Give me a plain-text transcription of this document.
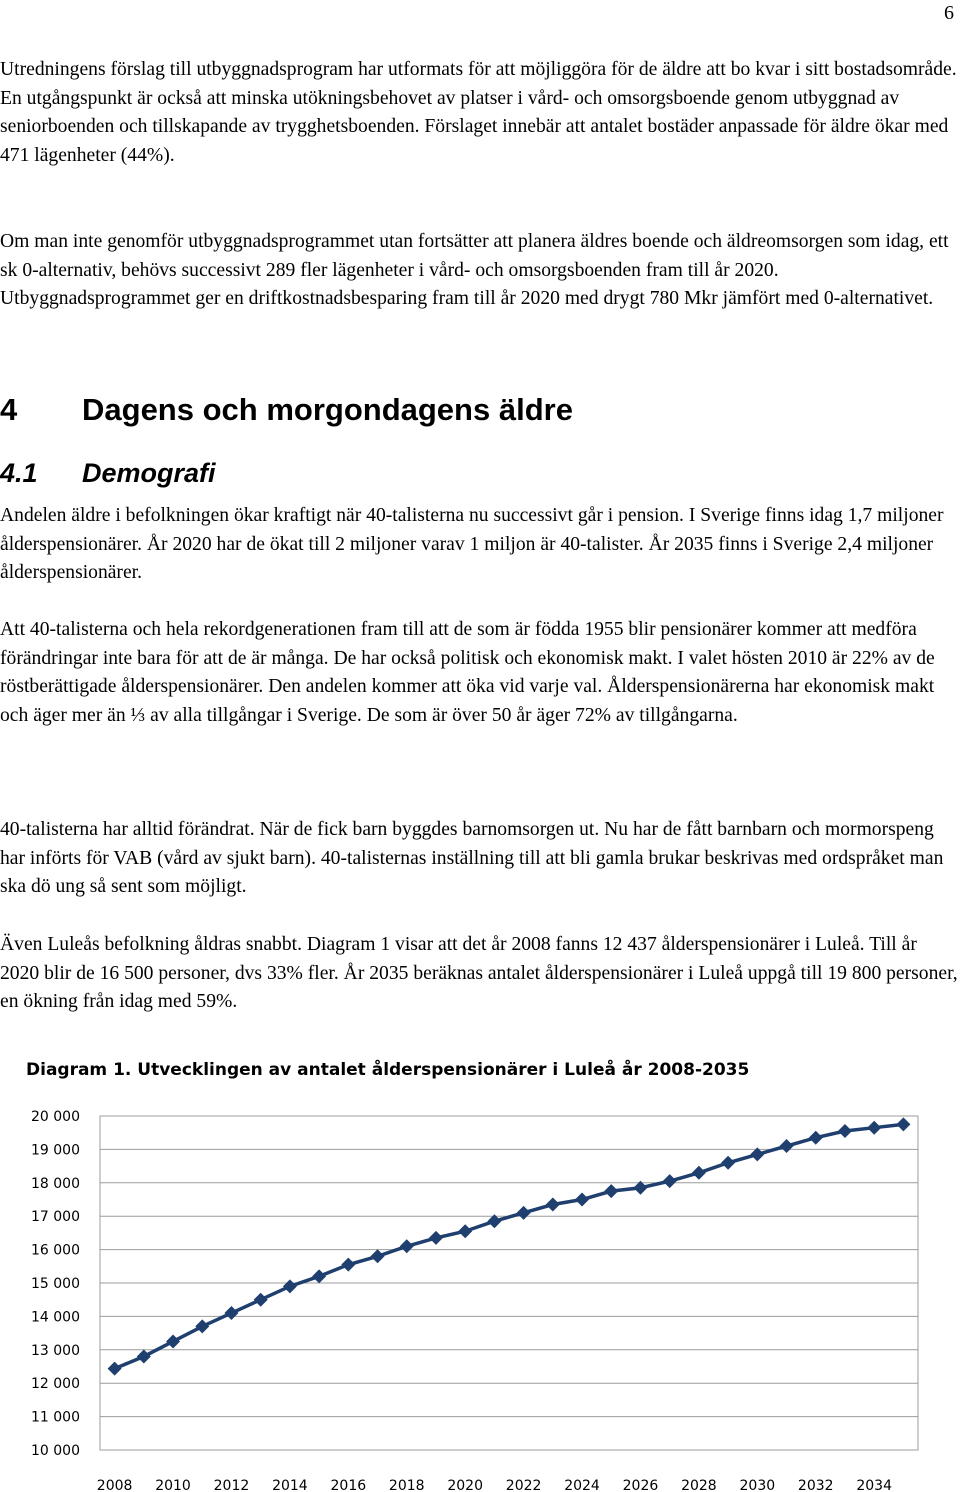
6

Utredningens förslag till utbyggnadsprogram har utformats för att möjliggöra för de äldre att bo kvar i sitt bostadsområde. En utgångspunkt är också att minska utökningsbehovet av platser i vård- och omsorgsboende genom utbyggnad av seniorboenden och tillskapande av trygghetsboenden. Förslaget innebär att antalet bostäder anpassade för äldre ökar med 471 lägenheter (44%).

Om man inte genomför utbyggnadsprogrammet utan fortsätter att planera äldres boende och äldreomsorgen som idag, ett sk 0-alternativ, behövs successivt 289 fler lägenheter i vård- och omsorgsboenden fram till år 2020. Utbyggnadsprogrammet ger en driftkostnadsbesparing fram till år 2020 med drygt 780 Mkr jämfört med 0-alternativet.

4 Dagens och morgondagens äldre
4.1 Demografi

Andelen äldre i befolkningen ökar kraftigt när 40-talisterna nu successivt går i pension. I Sverige finns idag 1,7 miljoner ålderspensionärer. År 2020 har de ökat till 2 miljoner varav 1 miljon är 40-talister. År 2035 finns i Sverige 2,4 miljoner ålderspensionärer.

Att 40-talisterna och hela rekordgenerationen fram till att de som är födda 1955 blir pensionärer kommer att medföra förändringar inte bara för att de är många. De har också politisk och ekonomisk makt. I valet hösten 2010 är 22% av de röstberättigade ålderspensionärer. Den andelen kommer att öka vid varje val. Ålderspensionärerna har ekonomisk makt och äger mer än ⅓ av alla tillgångar i Sverige. De som är över 50 år äger 72% av tillgångarna.

40-talisterna har alltid förändrat. När de fick barn byggdes barnomsorgen ut. Nu har de fått barnbarn och mormorspeng har införts för VAB (vård av sjukt barn). 40-talisternas inställning till att bli gamla brukar beskrivas med ordspråket man ska dö ung så sent som möjligt.

Även Luleås befolkning åldras snabbt. Diagram 1 visar att det år 2008 fanns 12 437 ålderspensionärer i Luleå. Till år 2020 blir de 16 500 personer, dvs 33% fler. År 2035 beräknas antalet ålderspensionärer i Luleå uppgå till 19 800 personer, en ökning från idag med 59%.

Diagram 1. Utvecklingen av antalet ålderspensionärer i Luleå år 2008-2035

10 000
11 000
12 000
13 000
14 000
15 000
16 000
17 000
18 000
19 000
20 000
2008 2010 2012 2014 2016 2018 2020 2022 2024 2026 2028 2030 2032 2034
